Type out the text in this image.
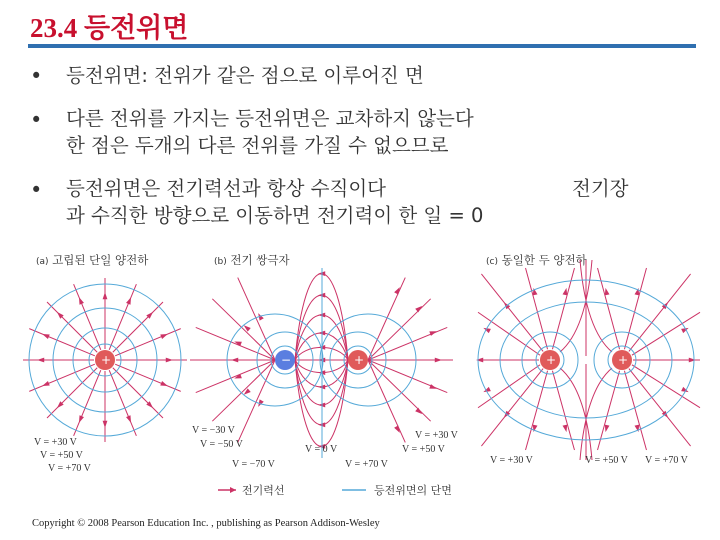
23.4 등전위면
• 등전위면: 전위가 같은 점으로 이루어진 면
• 다른 전위를 가지는 등전위면은 교차하지 않는다
한 점은 두개의 다른 전위를 가질 수 없으므로
• 등전위면은 전기력선과 항상 수직이다	전기장
과 수직한 방향으로 이동하면 전기력이 한 일 = 0
(a) 고립된 단일 양전하	(b) 전기 쌍극자	(c) 동일한 두 양전하
+
V = +30 V
V = +50 V
V = +70 V
−	+
V = −30 V
V = −50 V
V = −70 V
V = 0 V
V = +70 V
V = +50 V
V = +30 V
+	+
V = +30 V	V = +50 V V = +70 V
전기력선	등전위면의 단면
Copyright © 2008 Pearson Education Inc. , publishing as Pearson Addison-Wesley
